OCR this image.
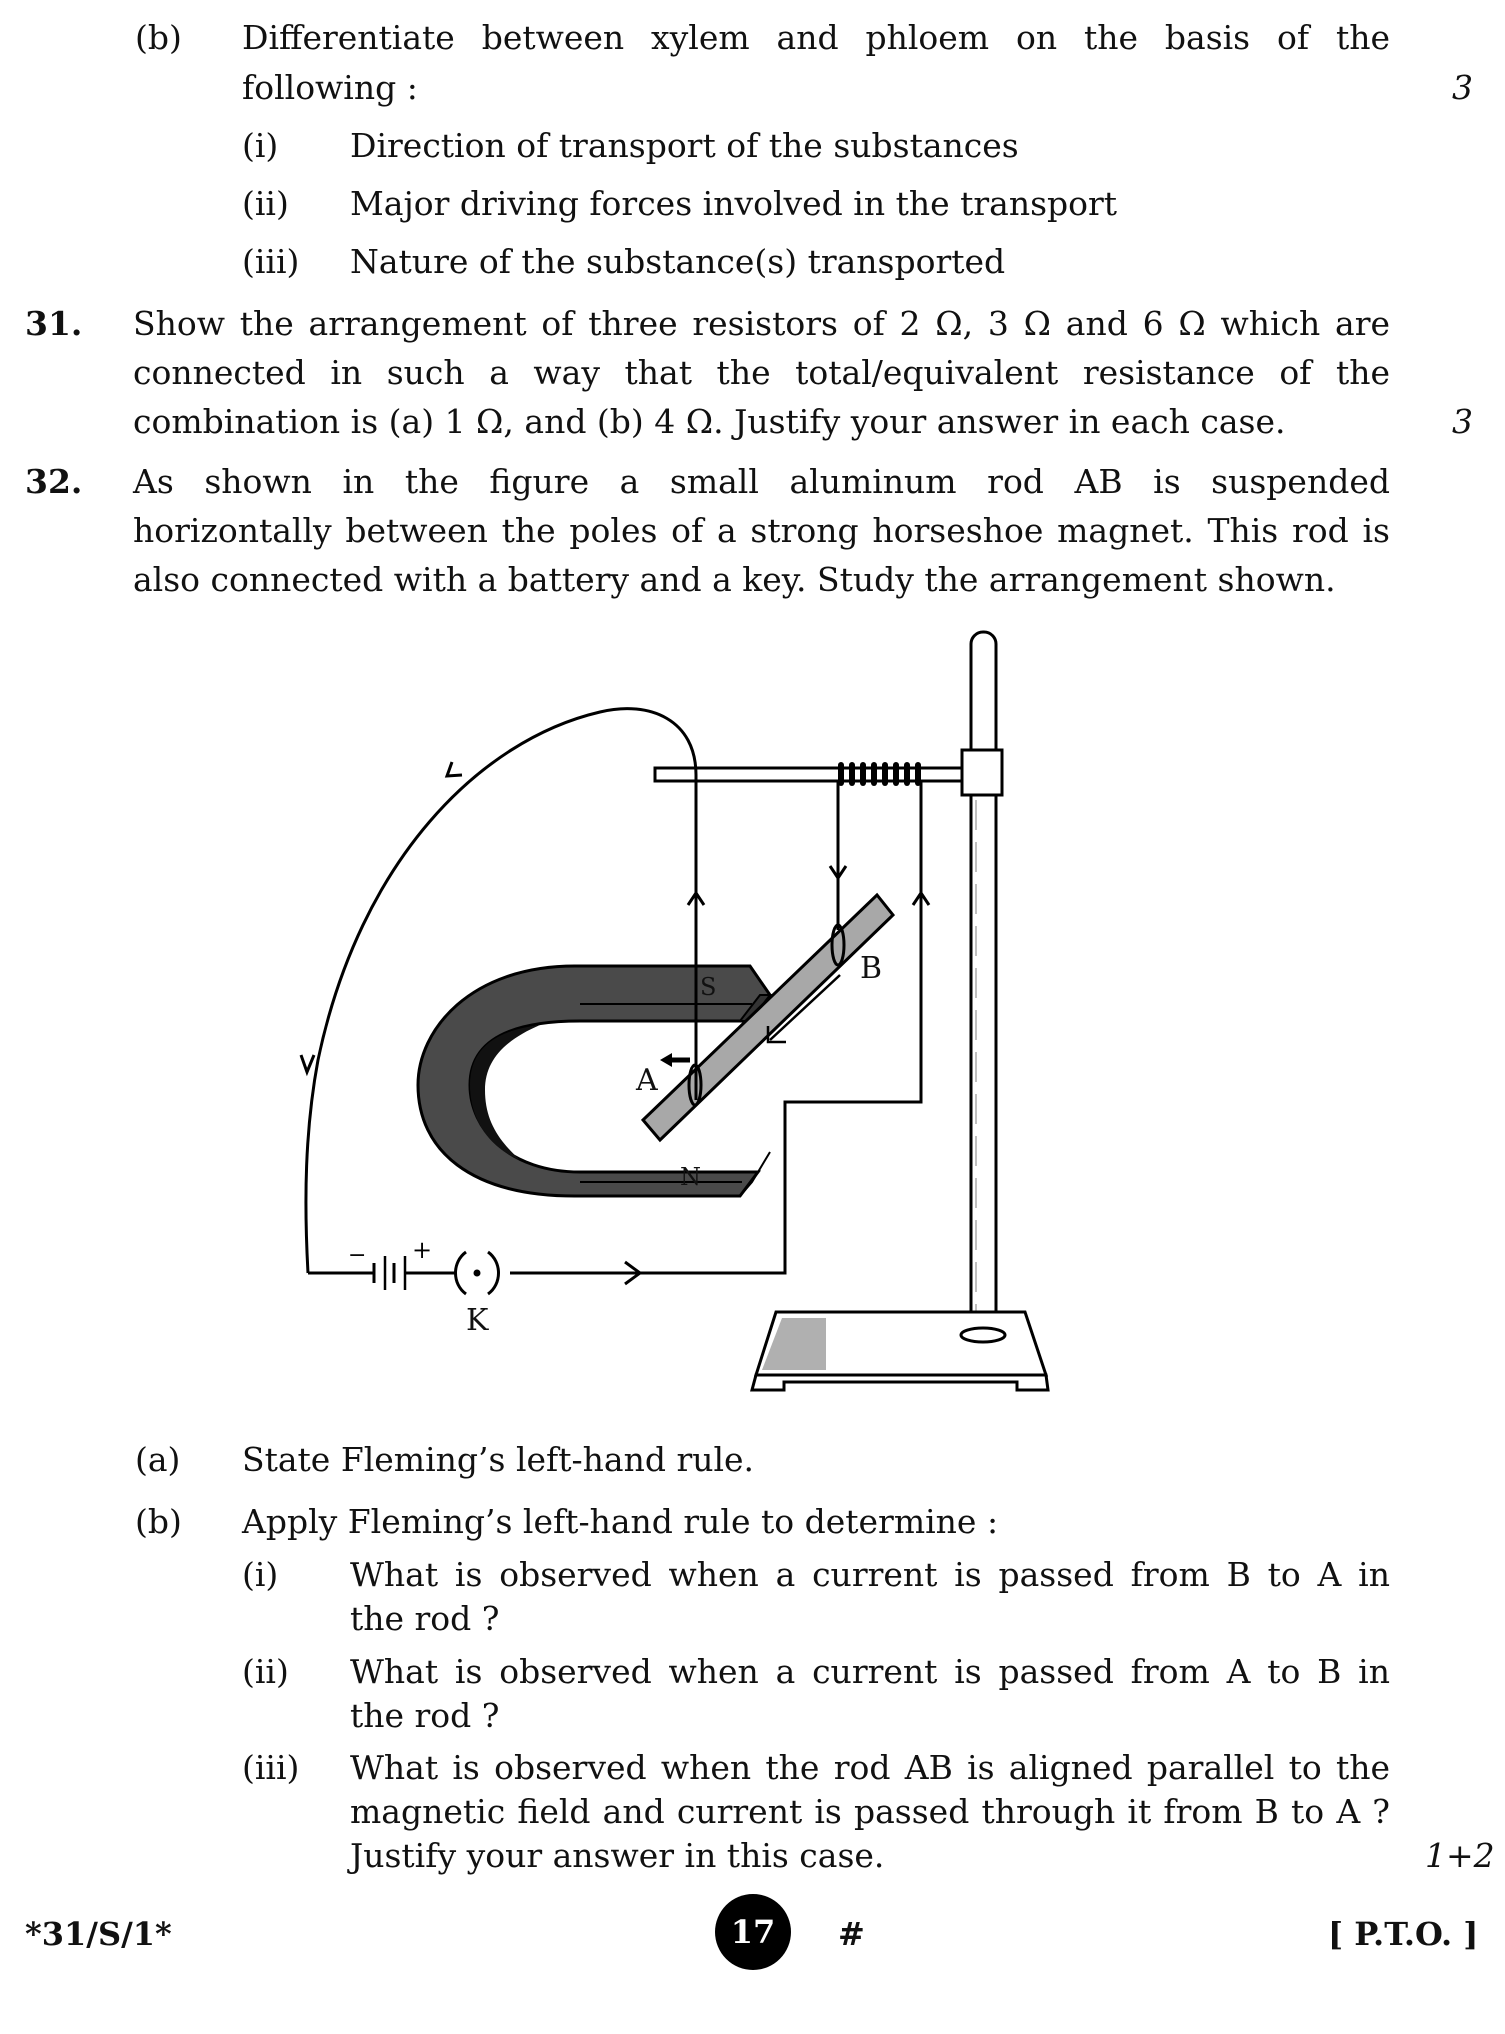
(b) Differentiate between xylem and phloem on the basis of the
following :	3
(i) Direction of transport of the substances
(ii) Major driving forces involved in the transport
(iii) Nature of the substance(s) transported
31. Show the arrangement of three resistors of 2 Ω, 3 Ω and 6 Ω which are
connected in such a way that the total/equivalent resistance of the
combination is (a) 1 Ω, and (b) 4 Ω. Justify your answer in each case.	3
32. As shown in the figure a small aluminum rod AB is suspended
horizontally between the poles of a strong horseshoe magnet. This rod is
also connected with a battery and a key. Study the arrangement shown.
S
N
A
B
− +
K
(a) State Fleming’s left-hand rule.
(b) Apply Fleming’s left-hand rule to determine :
(i) What is observed when a current is passed from B to A in
the rod ?
(ii) What is observed when a current is passed from A to B in
the rod ?
(iii) What is observed when the rod AB is aligned parallel to the
magnetic field and current is passed through it from B to A ?
Justify your answer in this case.	1+2
*31/S/1*	17 #	[ P.T.O. ]
